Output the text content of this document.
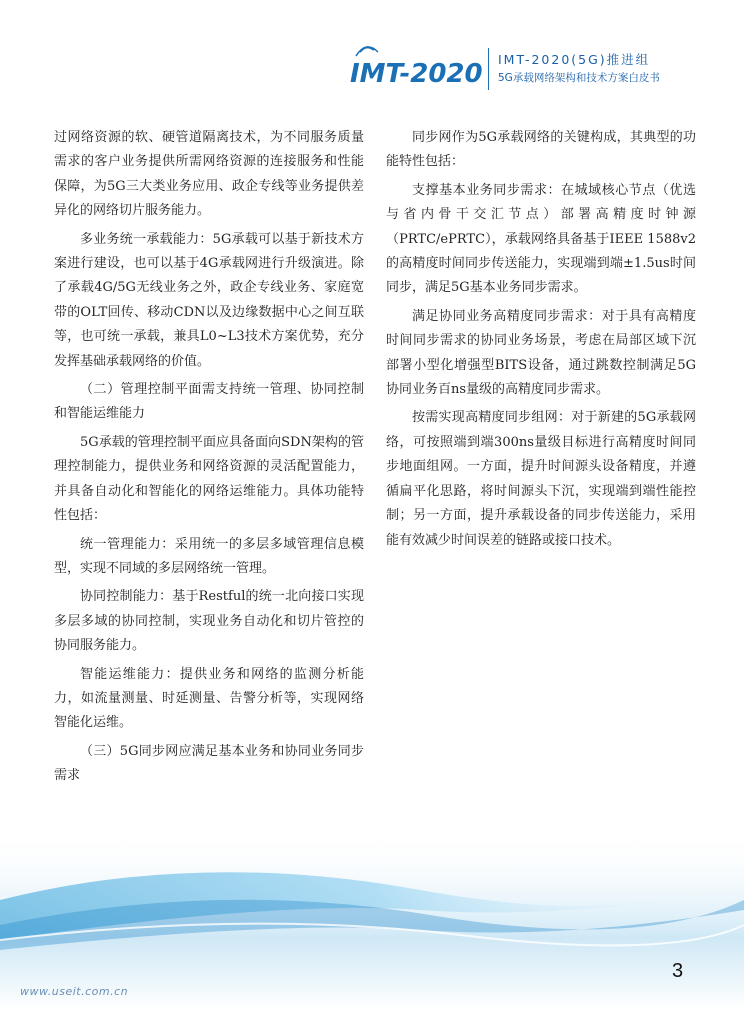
IMT-2020 IMT-2020(5G)推进组
5G承载网络架构和技术方案白皮书

过网络资源的软、硬管道隔离技术，为不同服务质量需求的客户业务提供所需网络资源的连接服务和性能保障，为5G三大类业务应用、政企专线等业务提供差异化的网络切片服务能力。

多业务统一承载能力：5G承载可以基于新技术方案进行建设，也可以基于4G承载网进行升级演进。除了承载4G/5G无线业务之外，政企专线业务、家庭宽带的OLT回传、移动CDN以及边缘数据中心之间互联等，也可统一承载，兼具L0~L3技术方案优势，充分发挥基础承载网络的价值。

（二）管理控制平面需支持统一管理、协同控制和智能运维能力

5G承载的管理控制平面应具备面向SDN架构的管理控制能力，提供业务和网络资源的灵活配置能力，并具备自动化和智能化的网络运维能力。具体功能特性包括：

统一管理能力：采用统一的多层多域管理信息模型，实现不同域的多层网络统一管理。

协同控制能力：基于Restful的统一北向接口实现多层多域的协同控制，实现业务自动化和切片管控的协同服务能力。

智能运维能力：提供业务和网络的监测分析能力，如流量测量、时延测量、告警分析等，实现网络智能化运维。

（三）5G同步网应满足基本业务和协同业务同步需求

同步网作为5G承载网络的关键构成，其典型的功能特性包括：

支撑基本业务同步需求：在城域核心节点（优选与省内骨干交汇节点）部署高精度时钟源（PRTC/ePRTC），承载网络具备基于IEEE 1588v2的高精度时间同步传送能力，实现端到端±1.5us时间同步，满足5G基本业务同步需求。

满足协同业务高精度同步需求：对于具有高精度时间同步需求的协同业务场景，考虑在局部区域下沉部署小型化增强型BITS设备，通过跳数控制满足5G协同业务百ns量级的高精度同步需求。

按需实现高精度同步组网：对于新建的5G承载网络，可按照端到端300ns量级目标进行高精度时间同步地面组网。一方面，提升时间源头设备精度，并遵循扁平化思路，将时间源头下沉，实现端到端性能控制；另一方面，提升承载设备的同步传送能力，采用能有效减少时间误差的链路或接口技术。

3
www.useit.com.cn
